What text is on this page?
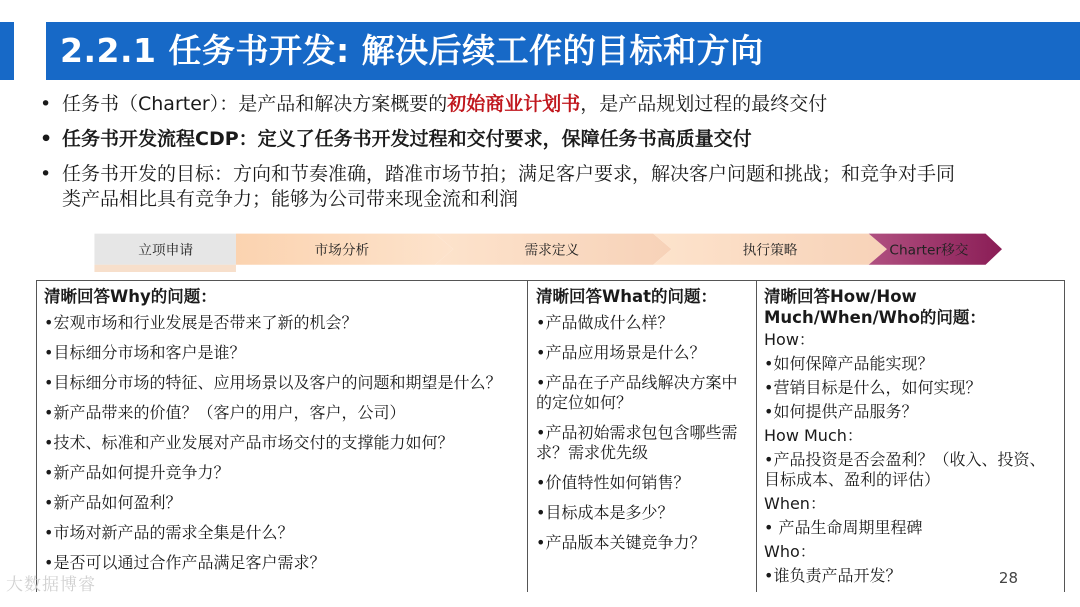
2.2.1 任务书开发: 解决后续工作的目标和方向
• 任务书（Charter）：是产品和解决方案概要的初始商业计划书，是产品规划过程的最终交付
• 任务书开发流程CDP：定义了任务书开发过程和交付要求，保障任务书高质量交付
• 任务书开发的目标：方向和节奏准确，踏准市场节拍；满足客户要求，解决客户问题和挑战；和竞争对手同
类产品相比具有竞争力；能够为公司带来现金流和利润
立项申请	市场分析	需求定义	执行策略	Charter移交
清晰回答Why的问题：
•宏观市场和行业发展是否带来了新的机会？
•目标细分市场和客户是谁？
•目标细分市场的特征、应用场景以及客户的问题和期望是什么？
•新产品带来的价值？（客户的用户，客户，公司）
•技术、标准和产业发展对产品市场交付的支撑能力如何？
•新产品如何提升竞争力？
•新产品如何盈利？
•市场对新产品的需求全集是什么？
•是否可以通过合作产品满足客户需求？
清晰回答What的问题：
•产品做成什么样？
•产品应用场景是什么？
•产品在子产品线解决方案中的定位如何？
•产品初始需求包包含哪些需求？需求优先级
•价值特性如何销售？
•目标成本是多少？
•产品版本关键竞争力？
清晰回答How/How Much/When/Who的问题：
How：
•如何保障产品能实现？
•营销目标是什么，如何实现？
•如何提供产品服务？
How Much：
•产品投资是否会盈利？（收入、投资、目标成本、盈利的评估）
When：
• 产品生命周期里程碑
Who：
•谁负责产品开发？	28
大数据博睿
